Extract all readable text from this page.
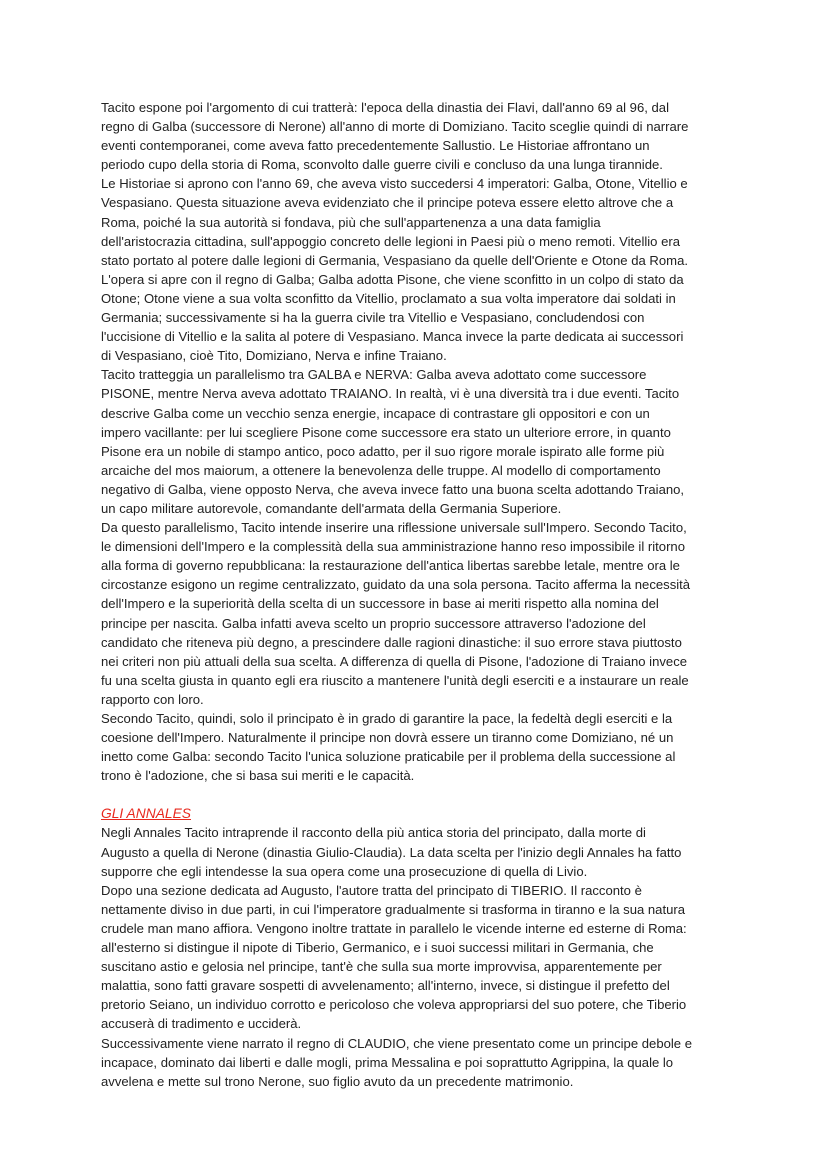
Tacito espone poi l'argomento di cui tratterà: l'epoca della dinastia dei Flavi, dall'anno 69 al 96, dal
regno di Galba (successore di Nerone) all'anno di morte di Domiziano. Tacito sceglie quindi di narrare
eventi contemporanei, come aveva fatto precedentemente Sallustio. Le Historiae affrontano un
periodo cupo della storia di Roma, sconvolto dalle guerre civili e concluso da una lunga tirannide.

Le Historiae si aprono con l'anno 69, che aveva visto succedersi 4 imperatori: Galba, Otone, Vitellio e
Vespasiano. Questa situazione aveva evidenziato che il principe poteva essere eletto altrove che a
Roma, poiché la sua autorità si fondava, più che sull'appartenenza a una data famiglia
dell'aristocrazia cittadina, sull'appoggio concreto delle legioni in Paesi più o meno remoti. Vitellio era
stato portato al potere dalle legioni di Germania, Vespasiano da quelle dell'Oriente e Otone da Roma.
L'opera si apre con il regno di Galba; Galba adotta Pisone, che viene sconfitto in un colpo di stato da
Otone; Otone viene a sua volta sconfitto da Vitellio, proclamato a sua volta imperatore dai soldati in
Germania; successivamente si ha la guerra civile tra Vitellio e Vespasiano, concludendosi con
l'uccisione di Vitellio e la salita al potere di Vespasiano. Manca invece la parte dedicata ai successori
di Vespasiano, cioè Tito, Domiziano, Nerva e infine Traiano.

Tacito tratteggia un parallelismo tra GALBA e NERVA: Galba aveva adottato come successore
PISONE, mentre Nerva aveva adottato TRAIANO. In realtà, vi è una diversità tra i due eventi. Tacito
descrive Galba come un vecchio senza energie, incapace di contrastare gli oppositori e con un
impero vacillante: per lui scegliere Pisone come successore era stato un ulteriore errore, in quanto
Pisone era un nobile di stampo antico, poco adatto, per il suo rigore morale ispirato alle forme più
arcaiche del mos maiorum, a ottenere la benevolenza delle truppe. Al modello di comportamento
negativo di Galba, viene opposto Nerva, che aveva invece fatto una buona scelta adottando Traiano,
un capo militare autorevole, comandante dell'armata della Germania Superiore.

Da questo parallelismo, Tacito intende inserire una riflessione universale sull'Impero. Secondo Tacito,
le dimensioni dell'Impero e la complessità della sua amministrazione hanno reso impossibile il ritorno
alla forma di governo repubblicana: la restaurazione dell'antica libertas sarebbe letale, mentre ora le
circostanze esigono un regime centralizzato, guidato da una sola persona. Tacito afferma la necessità
dell'Impero e la superiorità della scelta di un successore in base ai meriti rispetto alla nomina del
principe per nascita. Galba infatti aveva scelto un proprio successore attraverso l'adozione del
candidato che riteneva più degno, a prescindere dalle ragioni dinastiche: il suo errore stava piuttosto
nei criteri non più attuali della sua scelta. A differenza di quella di Pisone, l'adozione di Traiano invece
fu una scelta giusta in quanto egli era riuscito a mantenere l'unità degli eserciti e a instaurare un reale
rapporto con loro.

Secondo Tacito, quindi, solo il principato è in grado di garantire la pace, la fedeltà degli eserciti e la
coesione dell'Impero. Naturalmente il principe non dovrà essere un tiranno come Domiziano, né un
inetto come Galba: secondo Tacito l'unica soluzione praticabile per il problema della successione al
trono è l'adozione, che si basa sui meriti e le capacità.

GLI ANNALES

Negli Annales Tacito intraprende il racconto della più antica storia del principato, dalla morte di
Augusto a quella di Nerone (dinastia Giulio-Claudia). La data scelta per l'inizio degli Annales ha fatto
supporre che egli intendesse la sua opera come una prosecuzione di quella di Livio.

Dopo una sezione dedicata ad Augusto, l'autore tratta del principato di TIBERIO. Il racconto è
nettamente diviso in due parti, in cui l'imperatore gradualmente si trasforma in tiranno e la sua natura
crudele man mano affiora. Vengono inoltre trattate in parallelo le vicende interne ed esterne di Roma:
all'esterno si distingue il nipote di Tiberio, Germanico, e i suoi successi militari in Germania, che
suscitano astio e gelosia nel principe, tant'è che sulla sua morte improvvisa, apparentemente per
malattia, sono fatti gravare sospetti di avvelenamento; all'interno, invece, si distingue il prefetto del
pretorio Seiano, un individuo corrotto e pericoloso che voleva appropriarsi del suo potere, che Tiberio
accuserà di tradimento e ucciderà.

Successivamente viene narrato il regno di CLAUDIO, che viene presentato come un principe debole e
incapace, dominato dai liberti e dalle mogli, prima Messalina e poi soprattutto Agrippina, la quale lo
avvelena e mette sul trono Nerone, suo figlio avuto da un precedente matrimonio.
